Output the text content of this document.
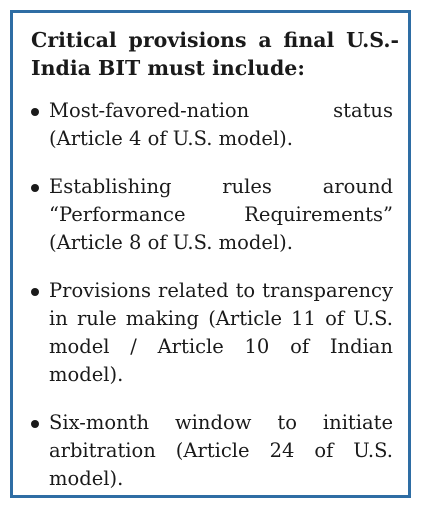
Critical provisions a final U.S.-India BIT must include:

Most-favored-nation status (Article 4 of U.S. model).
Establishing rules around “Performance Requirements” (Article 8 of U.S. model).
Provisions related to transparency in rule making (Article 11 of U.S. model / Article 10 of Indian model).
Six-month window to initiate arbitration (Article 24 of U.S. model).
